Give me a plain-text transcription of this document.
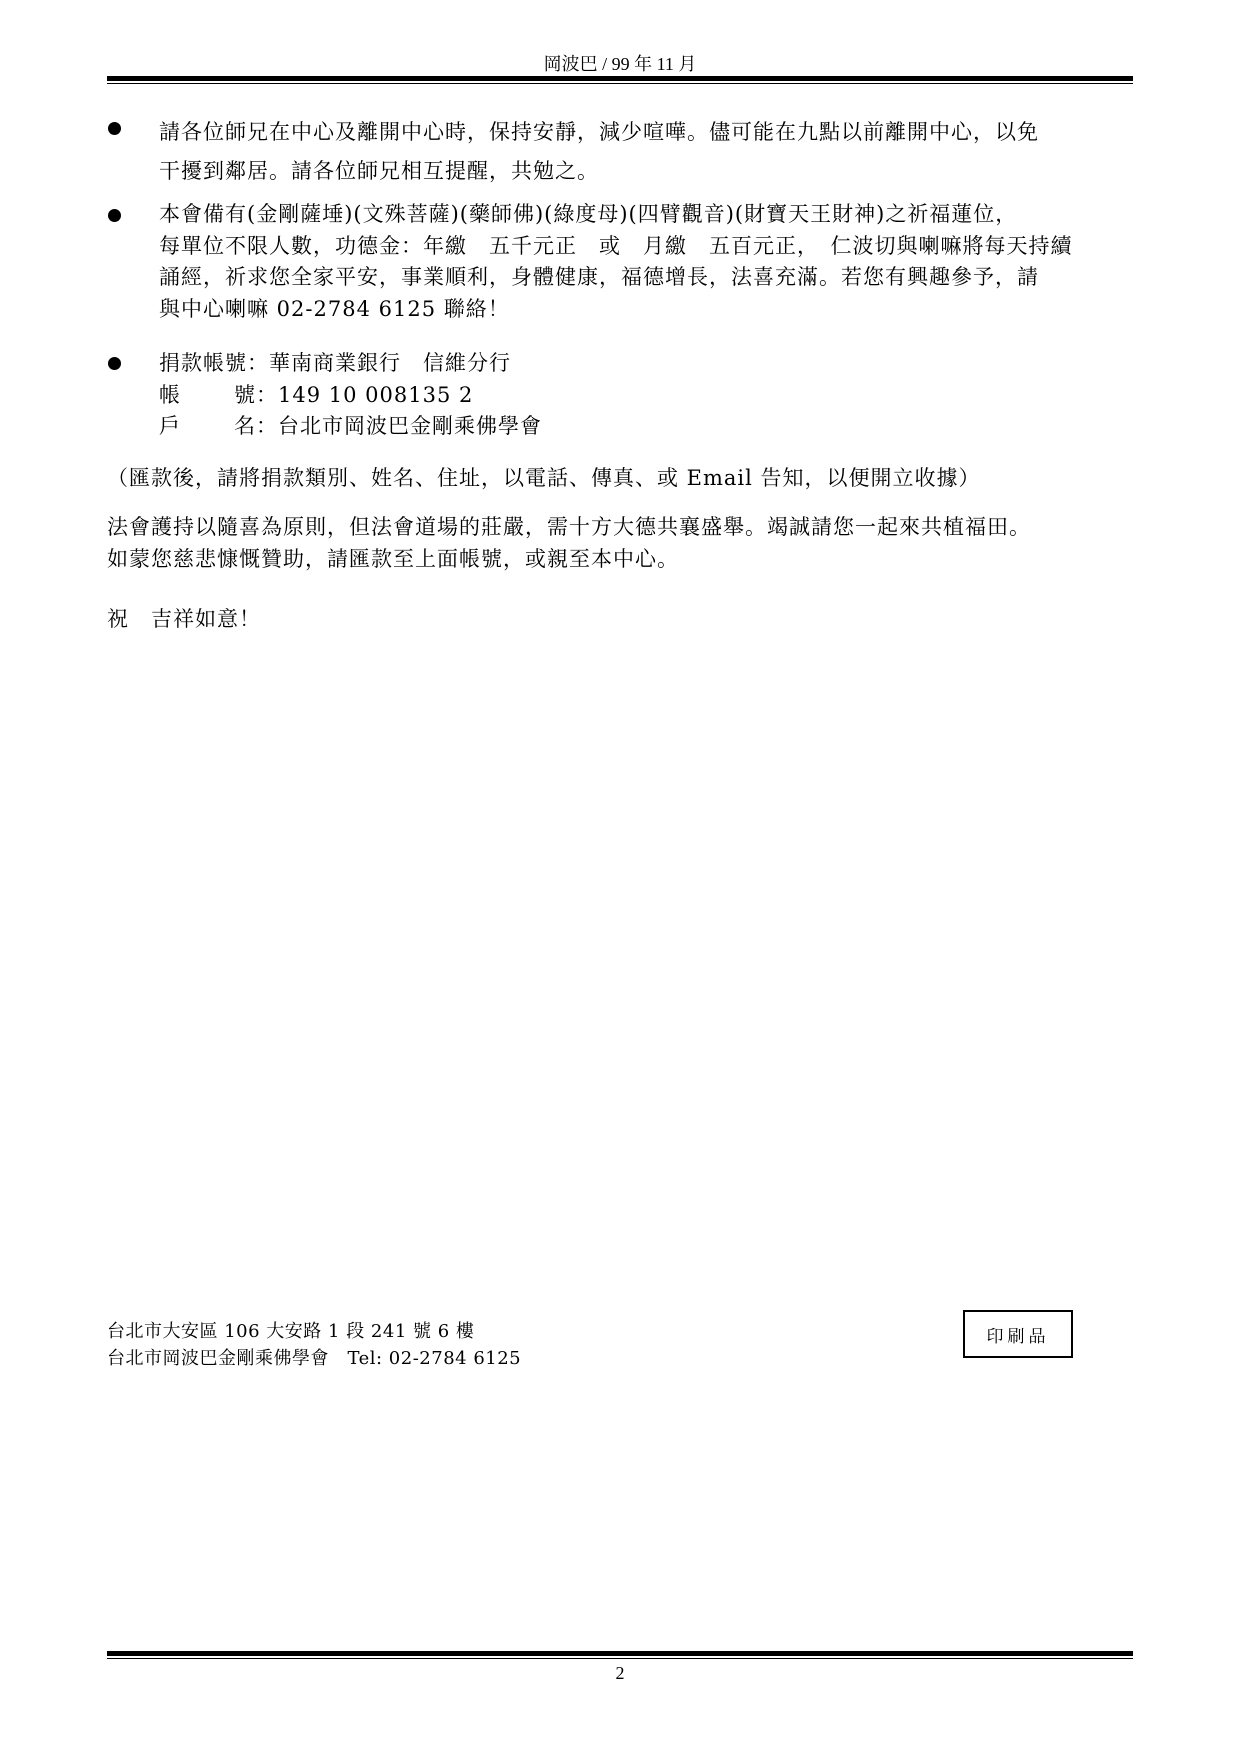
岡波巴 / 99 年 11 月
請各位師兄在中心及離開中心時，保持安靜，減少喧嘩。儘可能在九點以前離開中心，以免
干擾到鄰居。請各位師兄相互提醒，共勉之。
本會備有(金剛薩埵)(文殊菩薩)(藥師佛)(綠度母)(四臂觀音)(財寶天王財神)之祈福蓮位，
每單位不限人數，功德金：年繳　五千元正　或　月繳　五百元正，　仁波切與喇嘛將每天持續
誦經，祈求您全家平安，事業順利，身體健康，福德增長，法喜充滿。若您有興趣參予，請
與中心喇嘛 02-2784 6125 聯絡！
捐款帳號：華南商業銀行　信維分行
帳號：149 10 008135 2
戶名：台北市岡波巴金剛乘佛學會
（匯款後，請將捐款類別、姓名、住址，以電話、傳真、或 Email 告知，以便開立收據）
法會護持以隨喜為原則，但法會道場的莊嚴，需十方大德共襄盛舉。竭誠請您一起來共植福田。
如蒙您慈悲慷慨贊助，請匯款至上面帳號，或親至本中心。
祝　吉祥如意！
台北市大安區 106 大安路 1 段 241 號 6 樓
台北市岡波巴金剛乘佛學會　Tel: 02-2784 6125
印刷品
2
